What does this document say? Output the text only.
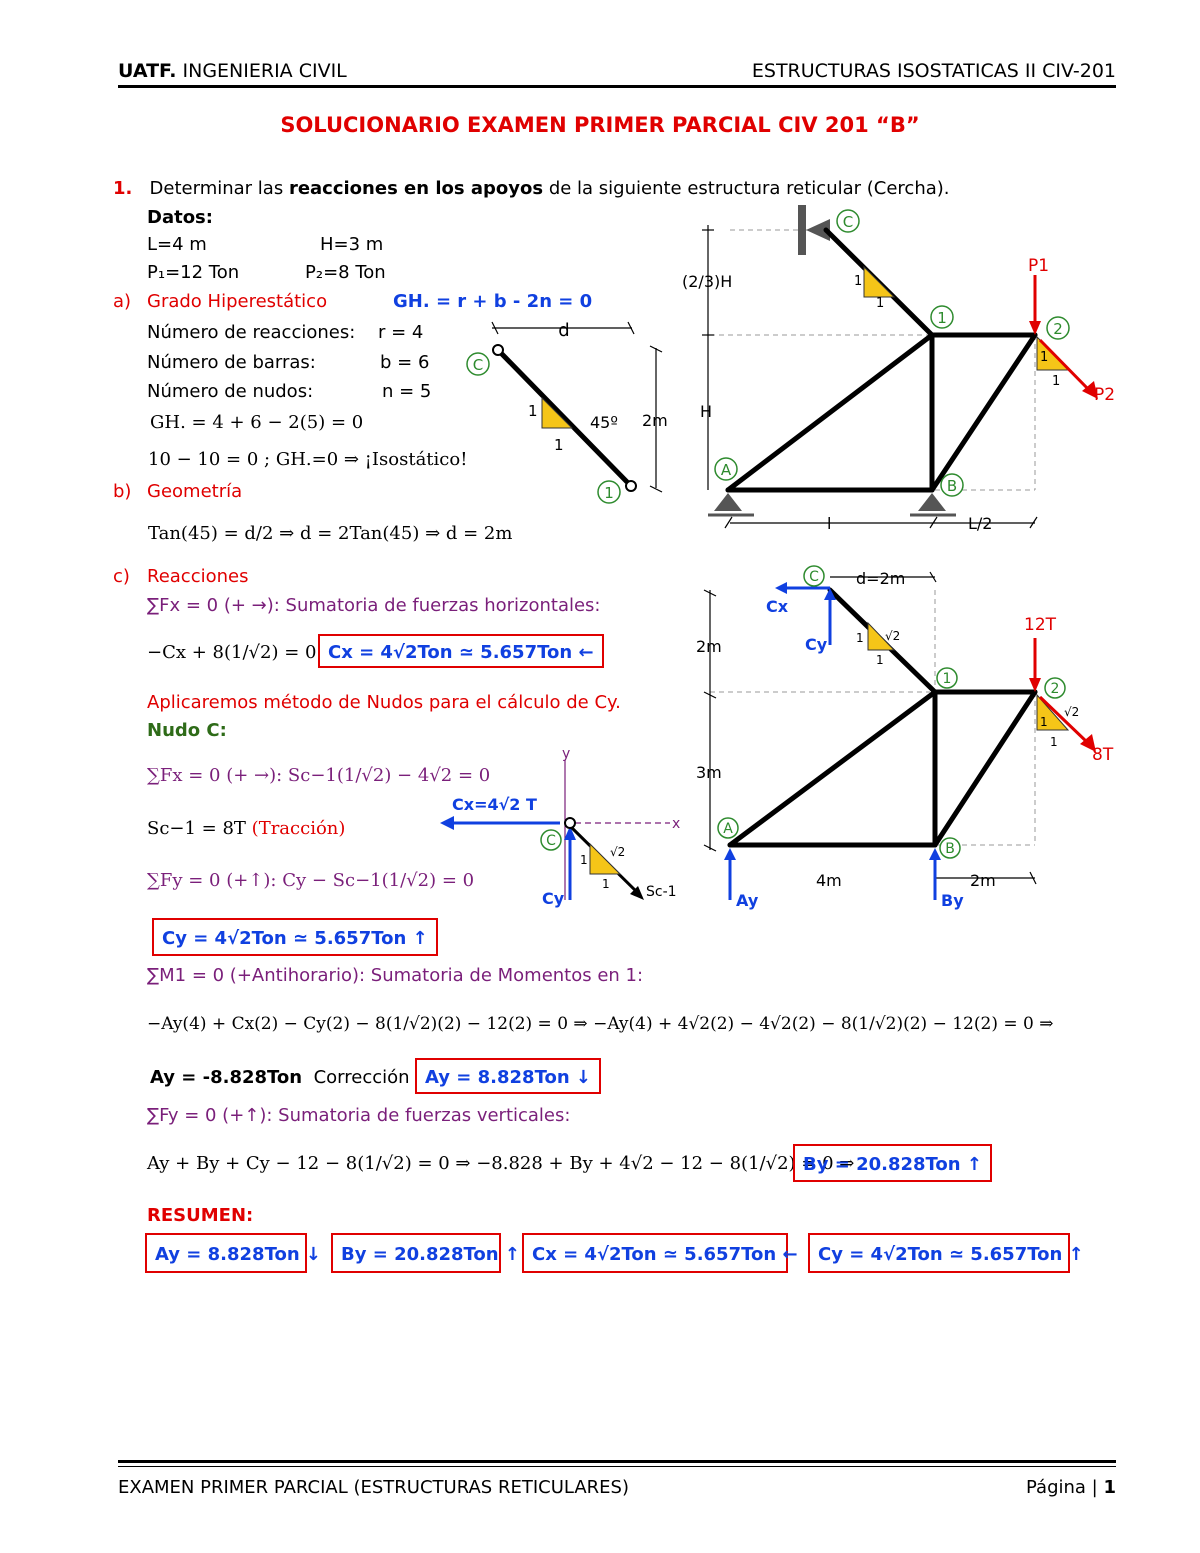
UATF. INGENIERIA CIVIL	ESTRUCTURAS ISOSTATICAS II CIV-201
SOLUCIONARIO EXAMEN PRIMER PARCIAL CIV 201 “B”
1. Determinar las reacciones en los apoyos de la siguiente estructura reticular (Cercha).
Datos:
L=4 m	H=3 m
P₁=12 Ton	P₂=8 Ton
a) Grado Hiperestático	GH. = r + b - 2n = 0
Número de reacciones: r = 4
Número de barras:	b = 6
Número de nudos:	n = 5
GH. = 4 + 6 − 2(5) = 0
10 − 10 = 0 ; GH.=0 ⇒ ¡Isostático!
b) Geometría
Tan(45) = d/2 ⇒ d = 2Tan(45) ⇒ d = 2m
c) Reacciones
∑Fx = 0 (+ →): Sumatoria de fuerzas horizontales:
−Cx + 8(1/√2) = 0 Cx = 4√2Ton ≃ 5.657Ton ←
Aplicaremos método de Nudos para el cálculo de Cy.
Nudo C:
∑Fx = 0 (+ →): Sc−1(1/√2) − 4√2 = 0
Sc−1 = 8T (Tracción)
∑Fy = 0 (+↑): Cy − Sc−1(1/√2) = 0
Cy = 4√2Ton ≃ 5.657Ton ↑
∑M1 = 0 (+Antihorario): Sumatoria de Momentos en 1:
−Ay(4) + Cx(2) − Cy(2) − 8(1/√2)(2) − 12(2) = 0 ⇒ −Ay(4) + 4√2(2) − 4√2(2) − 8(1/√2)(2) − 12(2) = 0 ⇒
Ay = -8.828Ton Corrección Ay = 8.828Ton ↓
∑Fy = 0 (+↑): Sumatoria de fuerzas verticales:
Ay + By + Cy − 12 − 8(1/√2) = 0 ⇒ −8.828 + By + 4√2 − 12 − 8(1/√2) = 0 ⇒
By = 20.828Ton ↑
RESUMEN:
Ay = 8.828Ton ↓	By = 20.828Ton ↑ Cx = 4√2Ton ≃ 5.657Ton ←	Cy = 4√2Ton ≃ 5.657Ton ↑
C
1
d
45º 2m
1
1
C
1
2
A
B
(2/3)H
H
l	L/2
P1
P2
1
1
1
1
C
1
2
A
B
d=2m
2m
3m
4m	2m
Cx
Cy
Ay	By
12T
8T
1
1
√2
1
1
√2
y
x
C
Cx=4√2 T
Cy	Sc-1
1
1
√2
EXAMEN PRIMER PARCIAL (ESTRUCTURAS RETICULARES)	Página | 1
